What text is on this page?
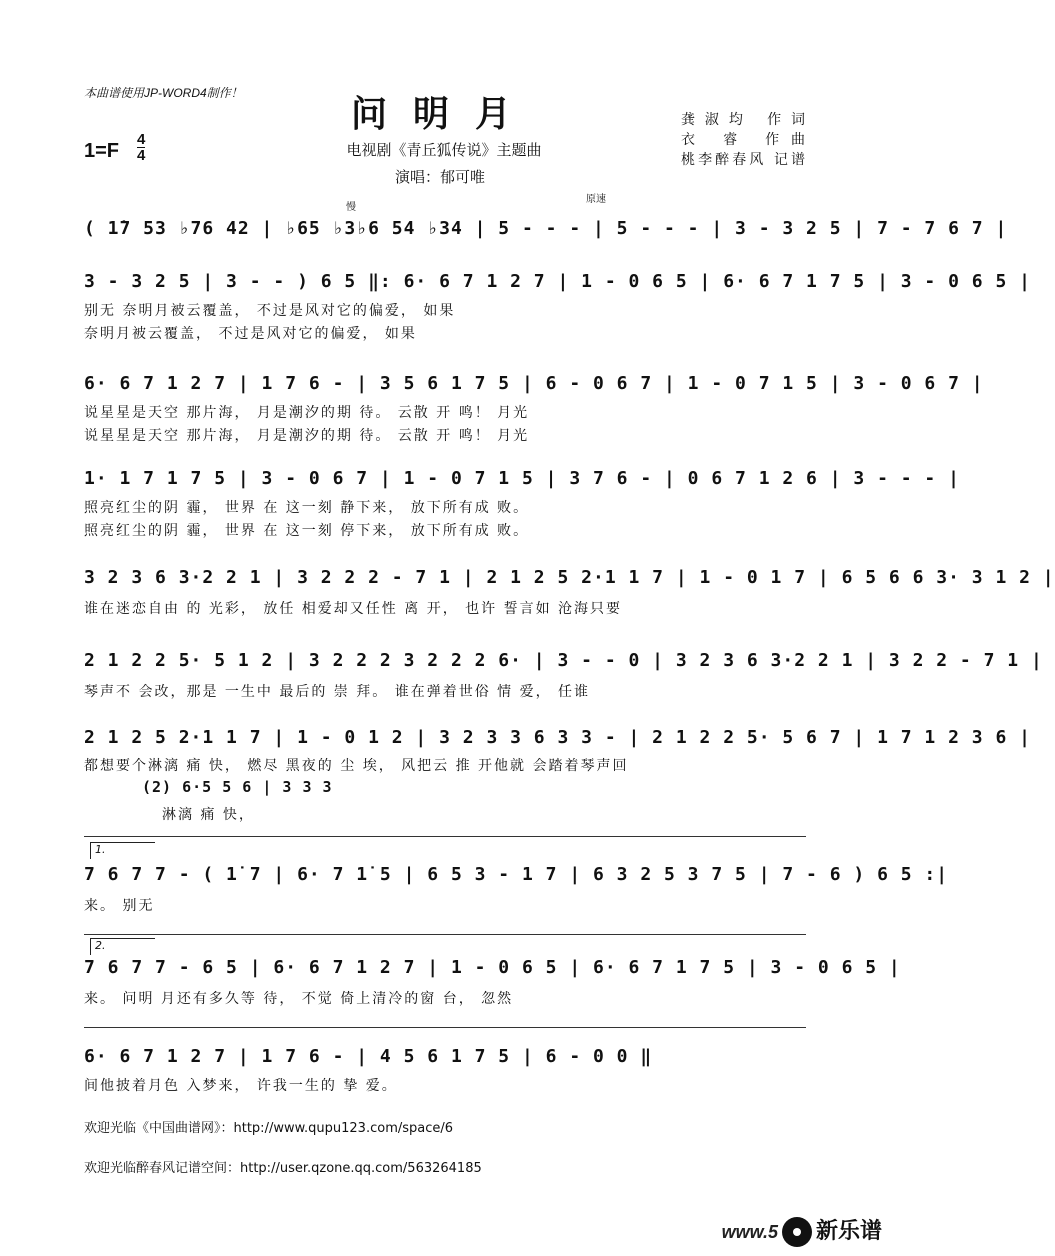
本曲谱使用JP-WORD4制作！	问明月
电视剧《青丘狐传说》主题曲
演唱：郁可唯
1=F
4
4
龚淑均 作词
衣 睿 作曲
桃李醉春风 记谱
慢
原速
( 1̇7 53 ♭76 42 | ♭65 ♭3♭6 54 ♭34 | 5 - - - | 5 - - - | 3 - 3 2 5 | 7 - 7 6 7 |
3 - 3 2 5 | 3 - - ) 6 5 ‖: 6· 6 7 1 2 7 | 1 - 0 6 5 | 6· 6 7 1 7 5 | 3 - 0 6 5 |
别无 奈明月被云覆盖， 不过是风对它的偏爱， 如果
奈明月被云覆盖， 不过是风对它的偏爱， 如果
6· 6 7 1 2 7 | 1 7 6 - | 3 5 6 1 7 5 | 6 - 0 6 7 | 1 - 0 7 1 5 | 3 - 0 6 7 |
说星星是天空 那片海， 月是潮汐的期 待。 云散 开 鸣！ 月光
说星星是天空 那片海， 月是潮汐的期 待。 云散 开 鸣！ 月光
1· 1 7 1 7 5 | 3 - 0 6 7 | 1 - 0 7 1 5 | 3 7 6 - | 0 6 7 1 2 6 | 3 - - - |
照亮红尘的阴 霾， 世界 在 这一刻 静下来， 放下所有成 败。
照亮红尘的阴 霾， 世界 在 这一刻 停下来， 放下所有成 败。
3 2 3 6 3·2 2 1 | 3 2 2 2 - 7 1 | 2 1 2 5 2·1 1 7 | 1 - 0 1 7 | 6 5 6 6 3· 3 1 2 |
谁在迷恋自由 的 光彩， 放任 相爱却又任性 离 开， 也许 誓言如 沧海只要
2 1 2 2 5· 5 1 2 | 3 2 2 2 3 2 2 2 6· | 3 - - 0 | 3 2 3 6 3·2 2 1 | 3 2 2 - 7 1 |
琴声不 会改，那是 一生中 最后的 崇 拜。 谁在弹着世俗 情 爱， 任谁
2 1 2 5 2·1 1 7 | 1 - 0 1 2 | 3 2 3 3 6 3 3 - | 2 1 2 2 5· 5 6 7 | 1 7 1 2 3 6 |
都想要个淋漓 痛 快， 燃尽 黑夜的 尘 埃， 风把云 推 开他就 会踏着琴声回
(2) 6·5 5 6 | 3 3 3
淋漓 痛 快，
1.
7 6 7 7 - ( 1̇ 7 | 6· 7 1̇ 5 | 6 5 3 - 1 7 | 6 3 2 5 3 7 5 | 7 - 6 ) 6 5 :|
来。 别无
2.
7 6 7 7 - 6 5 | 6· 6 7 1 2 7 | 1 - 0 6 5 | 6· 6 7 1 7 5 | 3 - 0 6 5 |
来。 问明 月还有多久等 待， 不觉 倚上清冷的窗 台， 忽然
6· 6 7 1 2 7 | 1 7 6 - | 4 5 6 1 7 5 | 6 - 0 0 ‖
间他披着月色 入梦来， 许我一生的 挚 爱。
欢迎光临《中国曲谱网》：http://www.qupu123.com/space/6
欢迎光临醉春风记谱空间：http://user.qzone.qq.com/563264185
www.5 新乐谱
